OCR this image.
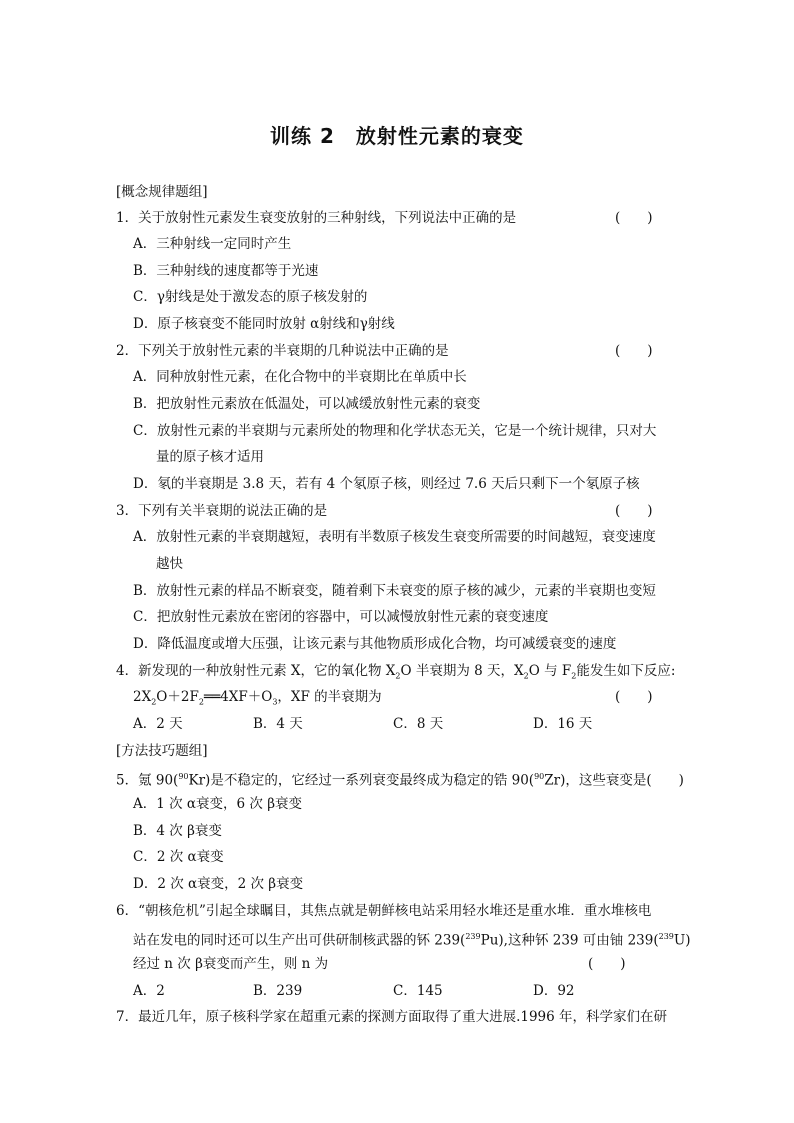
训练 2　放射性元素的衰变
[概念规律题组]
1．关于放射性元素发生衰变放射的三种射线，下列说法中正确的是	(　　)
A．三种射线一定同时产生
B．三种射线的速度都等于光速
C．γ射线是处于激发态的原子核发射的
D．原子核衰变不能同时放射 α射线和γ射线
2．下列关于放射性元素的半衰期的几种说法中正确的是	(　　)
A．同种放射性元素，在化合物中的半衰期比在单质中长
B．把放射性元素放在低温处，可以减缓放射性元素的衰变
C．放射性元素的半衰期与元素所处的物理和化学状态无关，它是一个统计规律，只对大
量的原子核才适用
D．氡的半衰期是 3.8 天，若有 4 个氡原子核，则经过 7.6 天后只剩下一个氡原子核
3．下列有关半衰期的说法正确的是	(　　)
A．放射性元素的半衰期越短，表明有半数原子核发生衰变所需要的时间越短，衰变速度
越快
B．放射性元素的样品不断衰变，随着剩下未衰变的原子核的减少，元素的半衰期也变短
C．把放射性元素放在密闭的容器中，可以减慢放射性元素的衰变速度
D．降低温度或增大压强，让该元素与其他物质形成化合物，均可减缓衰变的速度
4．新发现的一种放射性元素 X，它的氧化物 $X_2O$ 半衰期为 8 天，$X_2O$ 与 $F_2$能发生如下反应:
$2X_2O+2F_2══4XF+O_3$，XF 的半衰期为	(　　)
A．2 天	B．4 天	C．8 天	D．16 天
[方法技巧题组]
5．氪 90($^{90}$Kr)是不稳定的，它经过一系列衰变最终成为稳定的锆 90($^{90}$Zr)，这些衰变是(　　)
A．1 次 α衰变，6 次 β衰变
B．4 次 β衰变
C．2 次 α衰变
D．2 次 α衰变，2 次 β衰变
6．“朝核危机”引起全球瞩目，其焦点就是朝鲜核电站采用轻水堆还是重水堆．重水堆核电
站在发电的同时还可以生产出可供研制核武器的钚 239($^{239}$Pu),这种钚 239 可由铀 239($^{239}$U)
经过 n 次 β衰变而产生，则 n 为	(　　)
A．2	B．239	C．145	D．92
7．最近几年，原子核科学家在超重元素的探测方面取得了重大进展.1996 年，科学家们在研
